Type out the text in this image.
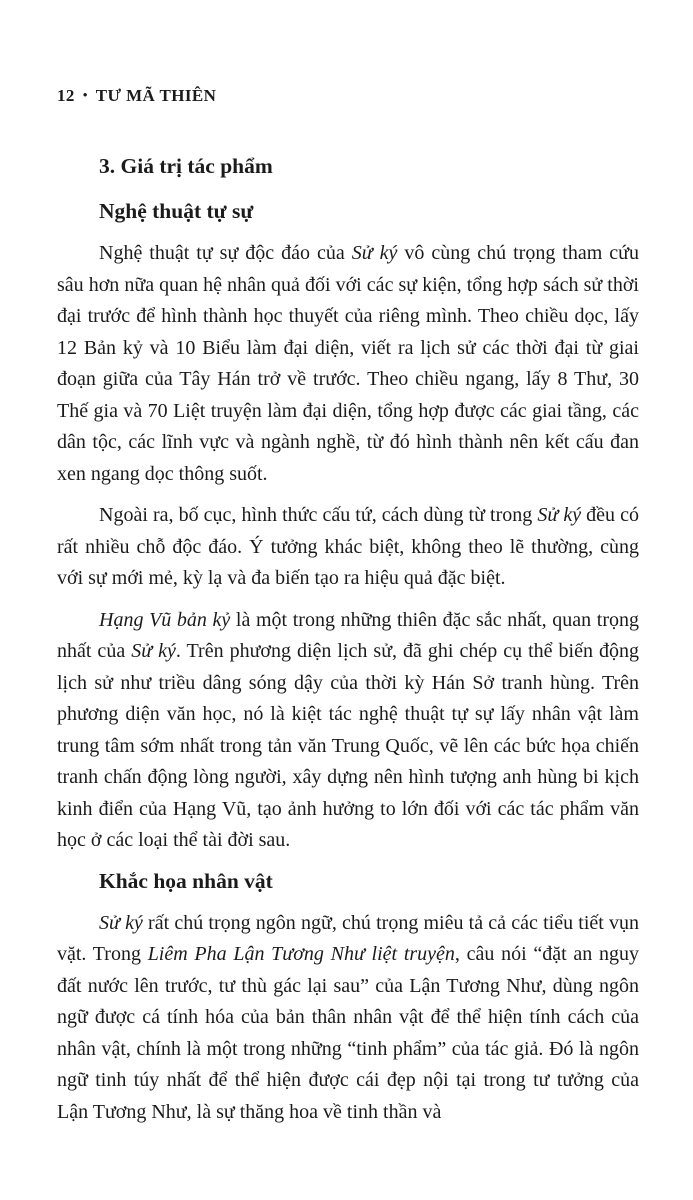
12 • TƯ MÃ THIÊN
3. Giá trị tác phẩm
Nghệ thuật tự sự

Nghệ thuật tự sự độc đáo của Sử ký vô cùng chú trọng tham cứu sâu hơn nữa quan hệ nhân quả đối với các sự kiện, tổng hợp sách sử thời đại trước để hình thành học thuyết của riêng mình. Theo chiều dọc, lấy 12 Bản kỷ và 10 Biểu làm đại diện, viết ra lịch sử các thời đại từ giai đoạn giữa của Tây Hán trở về trước. Theo chiều ngang, lấy 8 Thư, 30 Thế gia và 70 Liệt truyện làm đại diện, tổng hợp được các giai tầng, các dân tộc, các lĩnh vực và ngành nghề, từ đó hình thành nên kết cấu đan xen ngang dọc thông suốt.

Ngoài ra, bố cục, hình thức cấu tứ, cách dùng từ trong Sử ký đều có rất nhiều chỗ độc đáo. Ý tưởng khác biệt, không theo lẽ thường, cùng với sự mới mẻ, kỳ lạ và đa biến tạo ra hiệu quả đặc biệt.

Hạng Vũ bản kỷ là một trong những thiên đặc sắc nhất, quan trọng nhất của Sử ký. Trên phương diện lịch sử, đã ghi chép cụ thể biến động lịch sử như triều dâng sóng dậy của thời kỳ Hán Sở tranh hùng. Trên phương diện văn học, nó là kiệt tác nghệ thuật tự sự lấy nhân vật làm trung tâm sớm nhất trong tản văn Trung Quốc, vẽ lên các bức họa chiến tranh chấn động lòng người, xây dựng nên hình tượng anh hùng bi kịch kinh điển của Hạng Vũ, tạo ảnh hưởng to lớn đối với các tác phẩm văn học ở các loại thể tài đời sau.

Khắc họa nhân vật

Sử ký rất chú trọng ngôn ngữ, chú trọng miêu tả cả các tiểu tiết vụn vặt. Trong Liêm Pha Lận Tương Như liệt truyện, câu nói “đặt an nguy đất nước lên trước, tư thù gác lại sau” của Lận Tương Như, dùng ngôn ngữ được cá tính hóa của bản thân nhân vật để thể hiện tính cách của nhân vật, chính là một trong những “tinh phẩm” của tác giả. Đó là ngôn ngữ tinh túy nhất để thể hiện được cái đẹp nội tại trong tư tưởng của Lận Tương Như, là sự thăng hoa về tinh thần và
